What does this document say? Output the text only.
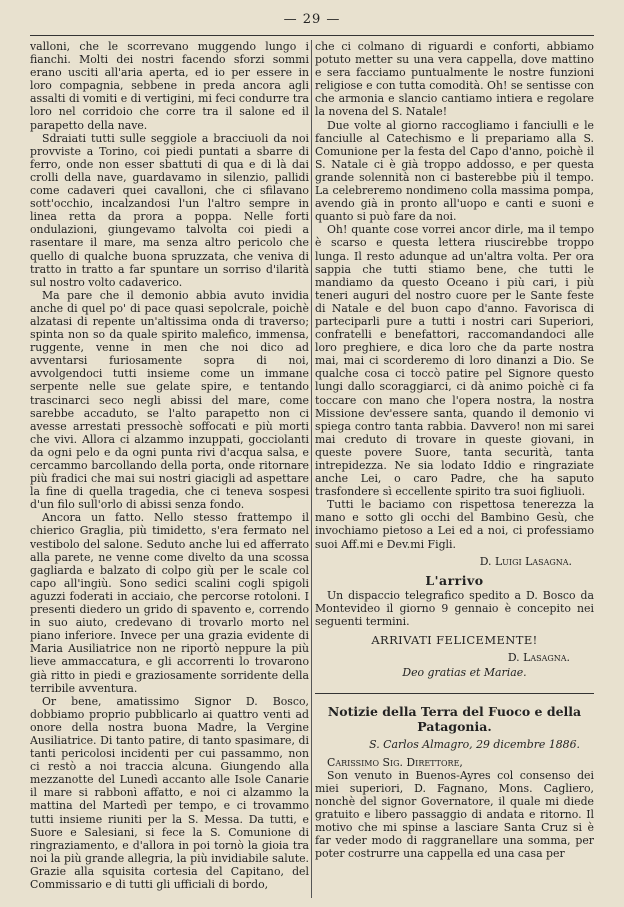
— 29 —

valloni, che le scorrevano muggendo lungo i fianchi. Molti dei nostri facendo sforzi sommi erano usciti all'aria aperta, ed io per essere in loro compagnia, sebbene in preda ancora agli assalti di vomiti e di vertigini, mi feci condurre tra loro nel corridoio che corre tra il salone ed il parapetto della nave.

Sdraiati tutti sulle seggiole a bracciuoli da noi provviste a Torino, coi piedi puntati a sbarre di ferro, onde non esser sbattuti di qua e di là dai crolli della nave, guardavamo in silenzio, pallidi come cadaveri quei cavalloni, che ci sfilavano sott'occhio, incalzandosi l'un l'altro sempre in linea retta da prora a poppa. Nelle forti ondulazioni, giungevamo talvolta coi piedi a rasentare il mare, ma senza altro pericolo che quello di qualche buona spruzzata, che veniva di tratto in tratto a far spuntare un sorriso d'ilarità sul nostro volto cadaverico.

Ma pare che il demonio abbia avuto invidia anche di quel po' di pace quasi sepolcrale, poichè alzatasi di repente un'altissima onda di traverso; spinta non so da quale spirito malefico, immensa, ruggente, venne in men che noi dico ad avventarsi furiosamente sopra di noi, avvolgendoci tutti insieme come un immane serpente nelle sue gelate spire, e tentando trascinarci seco negli abissi del mare, come sarebbe accaduto, se l'alto parapetto non ci avesse arrestati pressochè soffocati e più morti che vivi. Allora ci alzammo inzuppati, gocciolanti da ogni pelo e da ogni punta rivi d'acqua salsa, e cercammo barcollando della porta, onde ritornare più fradici che mai sui nostri giacigli ad aspettare la fine di quella tragedia, che ci teneva sospesi d'un filo sull'orlo di abissi senza fondo.

Ancora un fatto. Nello stesso frattempo il chierico Graglia, più timidetto, s'era fermato nel vestibolo del salone. Seduto anche lui ed afferrato alla parete, ne venne come divelto da una scossa gagliarda e balzato di colpo giù per le scale col capo all'ingiù. Sono sedici scalini cogli spigoli aguzzi foderati in acciaio, che percorse rotoloni. I presenti diedero un grido di spavento e, correndo in suo aiuto, credevano di trovarlo morto nel piano inferiore. Invece per una grazia evidente di Maria Ausiliatrice non ne riportò neppure la più lieve ammaccatura, e gli accorrenti lo trovarono già ritto in piedi e graziosamente sorridente della terribile avventura.

Or bene, amatissimo Signor D. Bosco, dobbiamo proprio pubblicarlo ai quattro venti ad onore della nostra buona Madre, la Vergine Ausiliatrice. Di tanto patire, di tanto spasimare, di tanti pericolosi incidenti per cui passammo, non ci restò a noi traccia alcuna. Giungendo alla mezzanotte del Lunedì accanto alle Isole Canarie il mare si rabbonì affatto, e noi ci alzammo la mattina del Martedì per tempo, e ci trovammo tutti insieme riuniti per la S. Messa. Da tutti, e Suore e Salesiani, si fece la S. Comunione di ringraziamento, e d'allora in poi tornò la gioia tra noi la più grande allegria, la più invidiabile salute. Grazie alla squisita cortesia del Capitano, del Commissario e di tutti gli ufficiali di bordo,

che ci colmano di riguardi e conforti, abbiamo potuto metter su una vera cappella, dove mattino e sera facciamo puntualmente le nostre funzioni religiose e con tutta comodità. Oh! se sentisse con che armonia e slancio cantiamo intiera e regolare la novena del S. Natale!

Due volte al giorno raccogliamo i fanciulli e le fanciulle al Catechismo e li prepariamo alla S. Comunione per la festa del Capo d'anno, poichè il S. Natale ci è già troppo addosso, e per questa grande solennità non ci basterebbe più il tempo. La celebreremo nondimeno colla massima pompa, avendo già in pronto all'uopo e canti e suoni e quanto si può fare da noi.

Oh! quante cose vorrei ancor dirle, ma il tempo è scarso e questa lettera riuscirebbe troppo lunga. Il resto adunque ad un'altra volta. Per ora sappia che tutti stiamo bene, che tutti le mandiamo da questo Oceano i più cari, i più teneri auguri del nostro cuore per le Sante feste di Natale e del buon capo d'anno. Favorisca di parteciparli pure a tutti i nostri cari Superiori, confratelli e benefattori, raccomandandoci alle loro preghiere, e dica loro che da parte nostra mai, mai ci scorderemo di loro dinanzi a Dio. Se qualche cosa ci toccò patire pel Signore questo lungi dallo scoraggiarci, ci dà animo poichè ci fa toccare con mano che l'opera nostra, la nostra Missione dev'essere santa, quando il demonio vi spiega contro tanta rabbia. Davvero! non mi sarei mai creduto di trovare in queste giovani, in queste povere Suore, tanta securità, tanta intrepidezza. Ne sia lodato Iddio e ringraziate anche Lei, o caro Padre, che ha saputo trasfondere sì eccellente spirito tra suoi figliuoli.

Tutti le baciamo con rispettosa tenerezza la mano e sotto gli occhi del Bambino Gesù, che invochiamo pietoso a Lei ed a noi, ci professiamo suoi Aff.mi e Dev.mi Figli.

D. Luigi Lasagna.
L'arrivo

Un dispaccio telegrafico spedito a D. Bosco da Montevideo il giorno 9 gennaio è concepito nei seguenti termini.

ARRIVATI FELICEMENTE!
D. Lasagna.
Deo gratias et Mariae.
Notizie della Terra del Fuoco e della Patagonia.
S. Carlos Almagro, 29 dicembre 1886.

Carissimo Sig. Direttore,

Son venuto in Buenos-Ayres col consenso dei miei superiori, D. Fagnano, Mons. Cagliero, nonchè del signor Governatore, il quale mi diede gratuito e libero passaggio di andata e ritorno. Il motivo che mi spinse a lasciare Santa Cruz si è far veder modo di raggranellare una somma, per poter costrurre una cappella ed una casa per
